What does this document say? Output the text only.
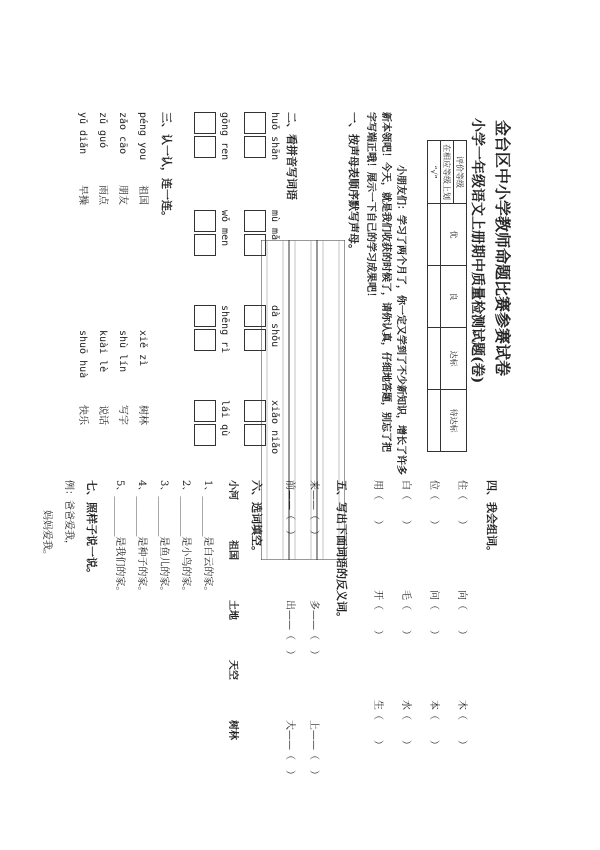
金台区中小学教师命题比赛参赛试卷
小学一年级语文上册期中质量检测试题(卷)
评价等级	优	良	达标	待达标
在相应等级上划				
“√”				
小朋友们：学习了两个月了，你一定又学到了不少新知识，增长了许多
新本领吧！今天，就是我们收获的时候了，请你认真，仔细地答题，别忘了把
字写端正哦！展示一下自己的学习成果吧！
一、按声母表顺序默写声母。
二、看拼音写词语
huǒ shān
mù mǎ
dà shǒu
xiǎo niǎo
gōng ren
wǒ men
shēng rì
lái qù
三、认一认，连一连。
péng you
zǎo cāo
zǔ guó
yǔ diǎn
祖国
朋友
雨点
早操
xiě zì
shù lín
kuài lè
shuō huà
树林
写字
说话
快乐
四、我会组词。
住（　　）
位（　　）
白（　　）
用（　　）
向（　　）
问（　　）
毛（　　）
开（　　）
木（　　）
本（　　）
水（　　）
生（　　）
五、写出下面词语的反义词。
来——（　）
前——（　）
多——（　）
出——（　）
上——（　）
大——（　）
六、选词填空。
小河
祖国
土地
天空
树林
1、________是白云的家。
2、________是小鸟的家。
3、________是鱼儿的家。
4、________是种子的家。
5、________是我们的家。
七、照样子说一说。
例：爸爸爱我，
妈妈爱我。
